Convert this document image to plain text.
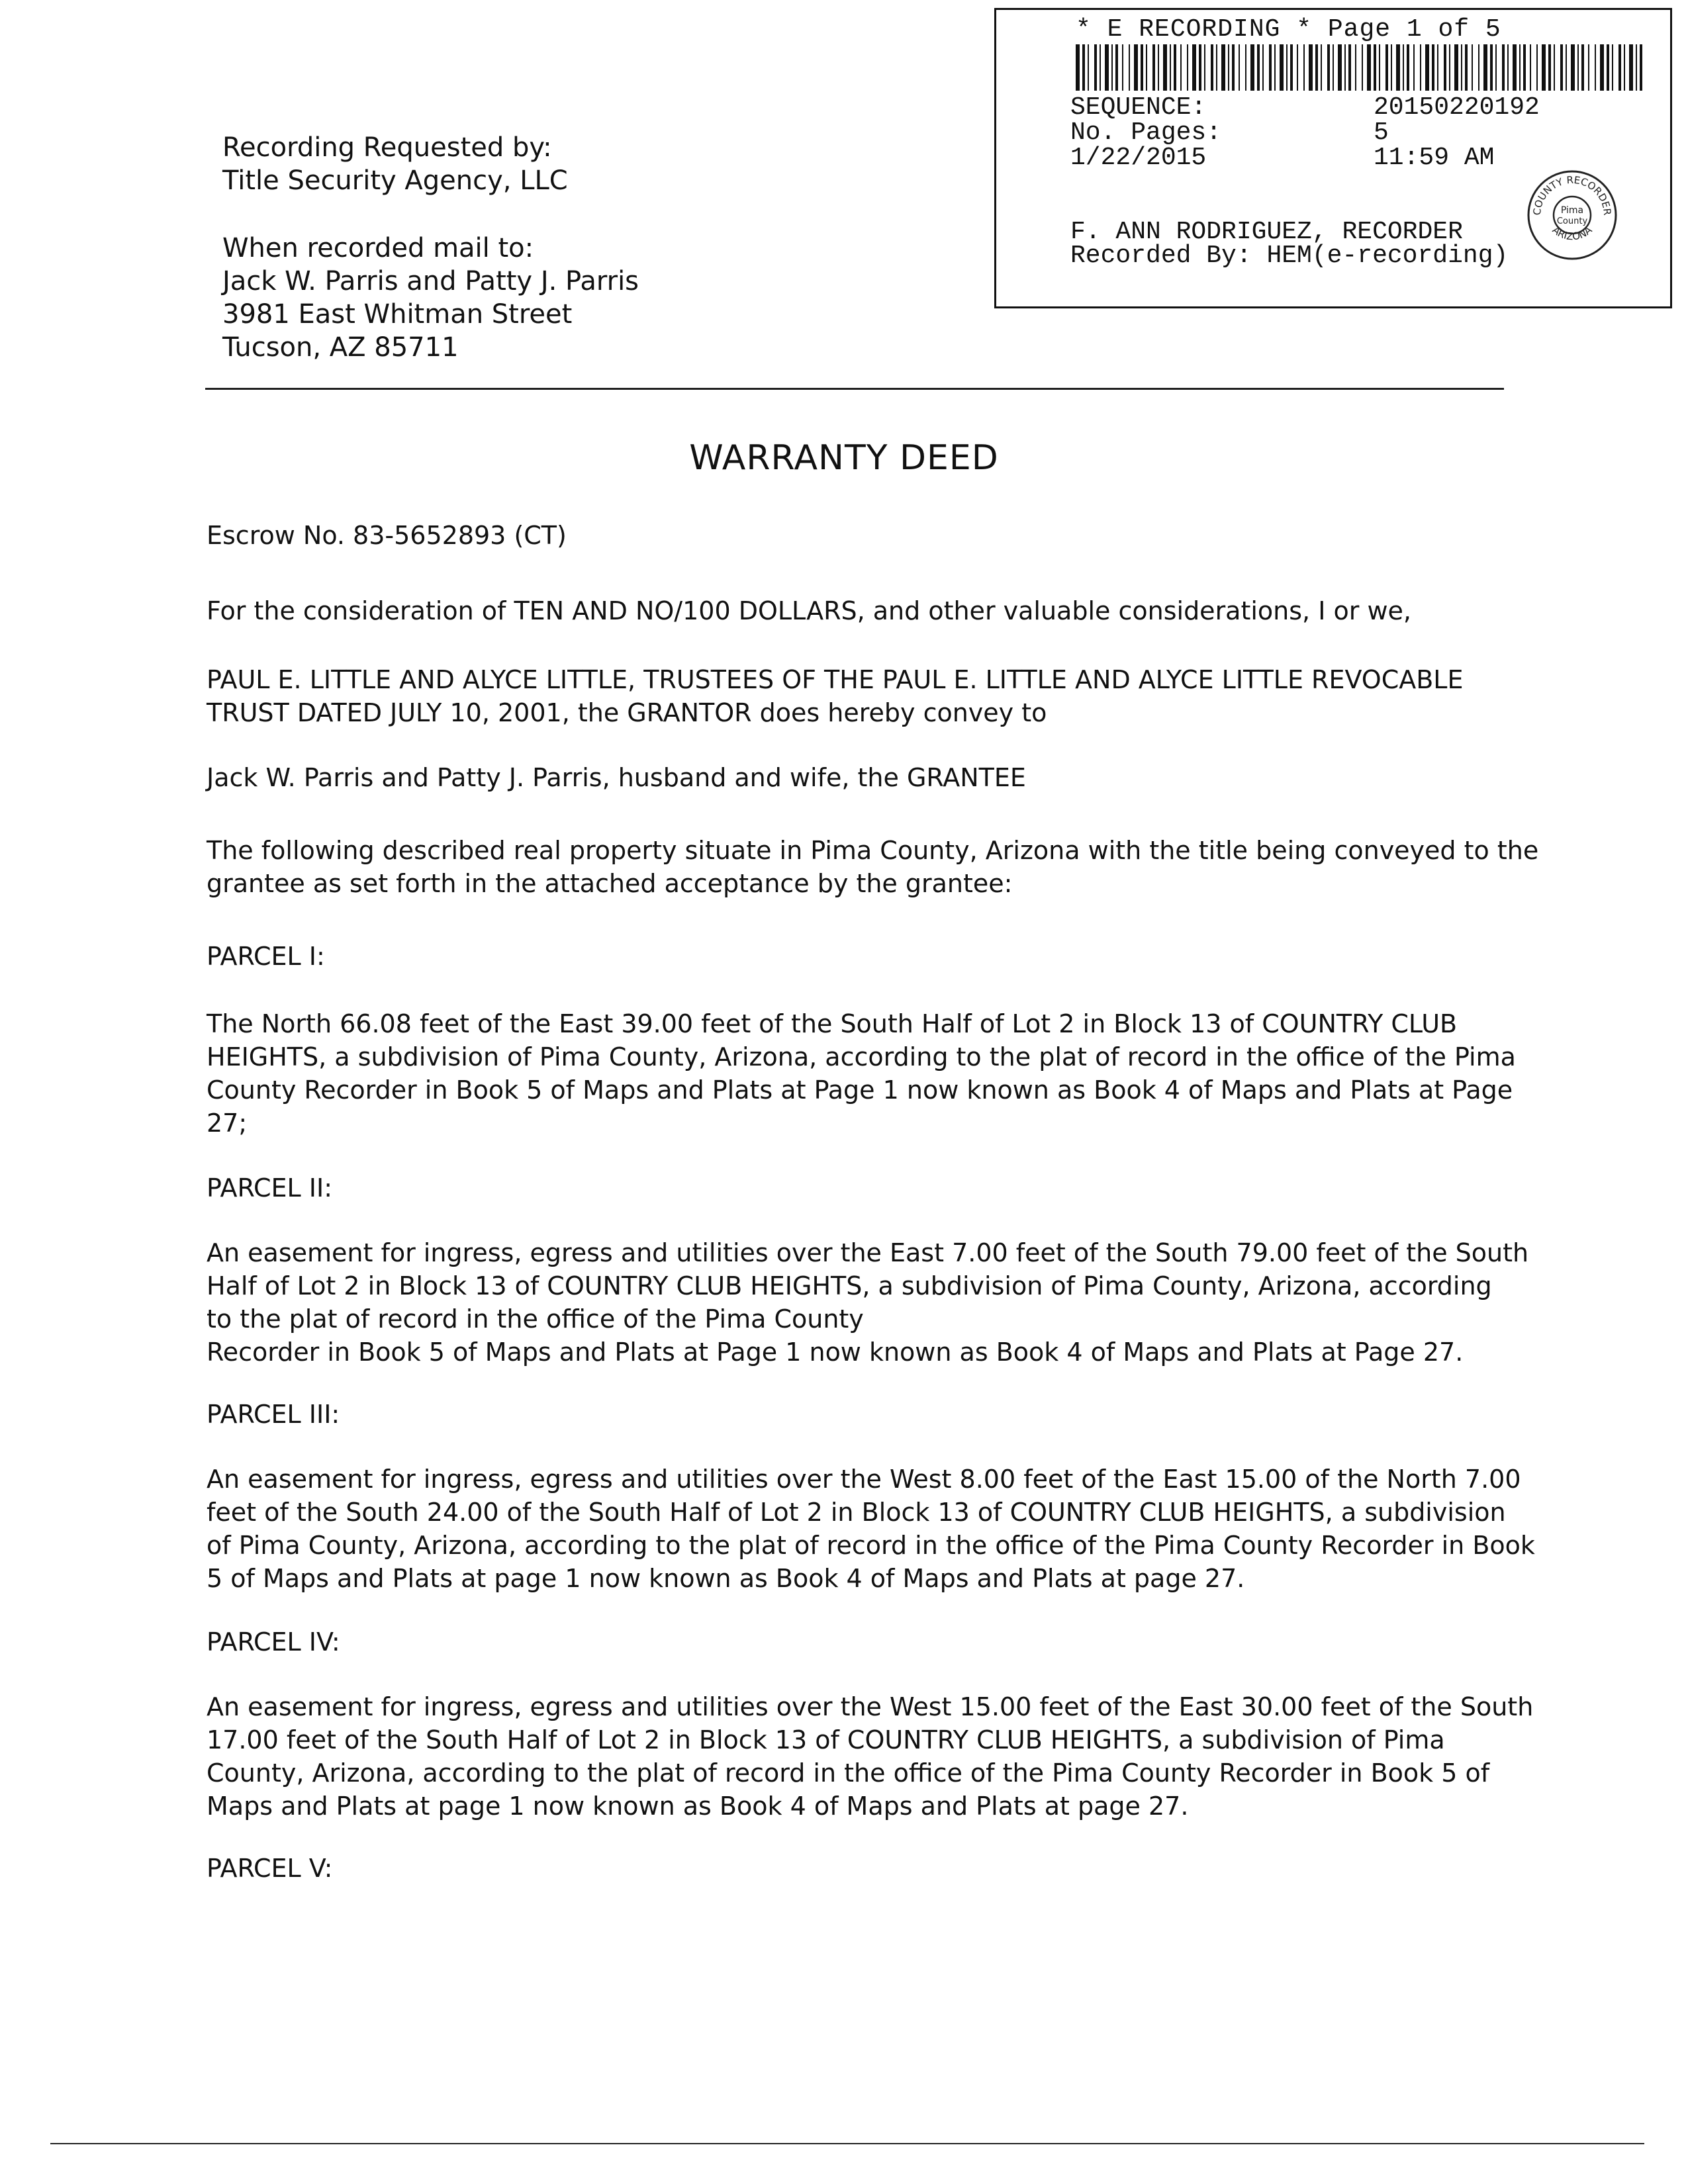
* E RECORDING * Page 1 of 5
SEQUENCE:	20150220192
No. Pages:	5
1/22/2015	11:59 AM
F. ANN RODRIGUEZ, RECORDER
Recorded By: HEM(e-recording)
COUNTY RECORDER
ARIZONA
Pima
County
Recording Requested by:
Title Security Agency, LLC
When recorded mail to:
Jack W. Parris and Patty J. Parris
3981 East Whitman Street
Tucson, AZ 85711
WARRANTY DEED
Escrow No. 83-5652893 (CT)
For the consideration of TEN AND NO/100 DOLLARS, and other valuable considerations, I or we,
PAUL E. LITTLE AND ALYCE LITTLE, TRUSTEES OF THE PAUL E. LITTLE AND ALYCE LITTLE REVOCABLE
TRUST DATED JULY 10, 2001, the GRANTOR does hereby convey to
Jack W. Parris and Patty J. Parris, husband and wife, the GRANTEE
The following described real property situate in Pima County, Arizona with the title being conveyed to the
grantee as set forth in the attached acceptance by the grantee:
PARCEL I:
The North 66.08 feet of the East 39.00 feet of the South Half of Lot 2 in Block 13 of COUNTRY CLUB
HEIGHTS, a subdivision of Pima County, Arizona, according to the plat of record in the office of the Pima
County Recorder in Book 5 of Maps and Plats at Page 1 now known as Book 4 of Maps and Plats at Page
27;
PARCEL II:
An easement for ingress, egress and utilities over the East 7.00 feet of the South 79.00 feet of the South
Half of Lot 2 in Block 13 of COUNTRY CLUB HEIGHTS, a subdivision of Pima County, Arizona, according
to the plat of record in the office of the Pima County
Recorder in Book 5 of Maps and Plats at Page 1 now known as Book 4 of Maps and Plats at Page 27.
PARCEL III:
An easement for ingress, egress and utilities over the West 8.00 feet of the East 15.00 of the North 7.00
feet of the South 24.00 of the South Half of Lot 2 in Block 13 of COUNTRY CLUB HEIGHTS, a subdivision
of Pima County, Arizona, according to the plat of record in the office of the Pima County Recorder in Book
5 of Maps and Plats at page 1 now known as Book 4 of Maps and Plats at page 27.
PARCEL IV:
An easement for ingress, egress and utilities over the West 15.00 feet of the East 30.00 feet of the South
17.00 feet of the South Half of Lot 2 in Block 13 of COUNTRY CLUB HEIGHTS, a subdivision of Pima
County, Arizona, according to the plat of record in the office of the Pima County Recorder in Book 5 of
Maps and Plats at page 1 now known as Book 4 of Maps and Plats at page 27.
PARCEL V:
